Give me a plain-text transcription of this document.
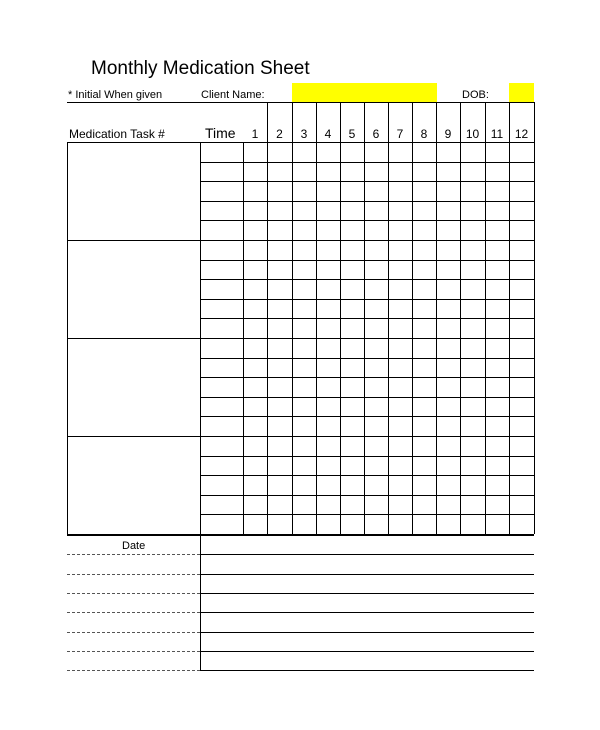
Monthly Medication Sheet
* Initial When given	Client Name:	DOB:
Medication Task #	Time	1	2	3	4	5	6	7	8	9	10 11 12
Date
